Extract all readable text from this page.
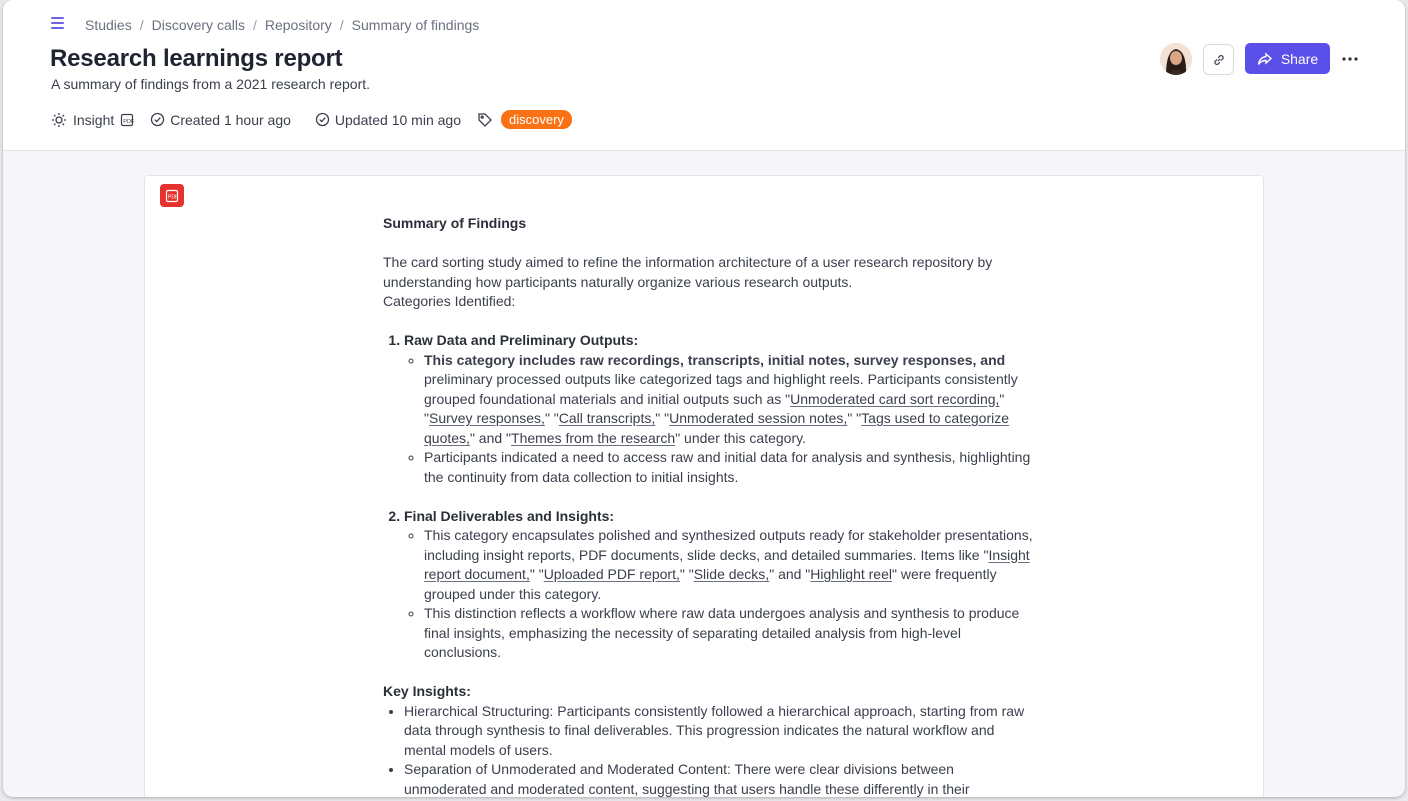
Studies / Discovery calls / Repository / Summary of findings
Research learnings report
A summary of findings from a 2021 research report.
Insight PDF	Created 1 hour ago	Updated 10 min ago	discovery
Share
PDF

Summary of Findings

The card sorting study aimed to refine the information architecture of a user research repository by understanding how participants naturally organize various research outputs.

Categories Identified:

1. Raw Data and Preliminary Outputs:
◦ This category includes raw recordings, transcripts, initial notes, survey responses, and preliminary processed outputs like categorized tags and highlight reels. Participants consistently grouped foundational materials and initial outputs such as "Unmoderated card sort recording," "Survey responses," "Call transcripts," "Unmoderated session notes," "Tags used to categorize quotes," and "Themes from the research" under this category.
◦ Participants indicated a need to access raw and initial data for analysis and synthesis, highlighting the continuity from data collection to initial insights.
2. Final Deliverables and Insights:
◦ This category encapsulates polished and synthesized outputs ready for stakeholder presentations, including insight reports, PDF documents, slide decks, and detailed summaries. Items like "Insight report document," "Uploaded PDF report," "Slide decks," and "Highlight reel" were frequently grouped under this category.
◦ This distinction reflects a workflow where raw data undergoes analysis and synthesis to produce final insights, emphasizing the necessity of separating detailed analysis from high-level conclusions.

Key Insights:

• Hierarchical Structuring: Participants consistently followed a hierarchical approach, starting from raw data through synthesis to final deliverables. This progression indicates the natural workflow and mental models of users.
• Separation of Unmoderated and Moderated Content: There were clear divisions between unmoderated and moderated content, suggesting that users handle these differently in their
